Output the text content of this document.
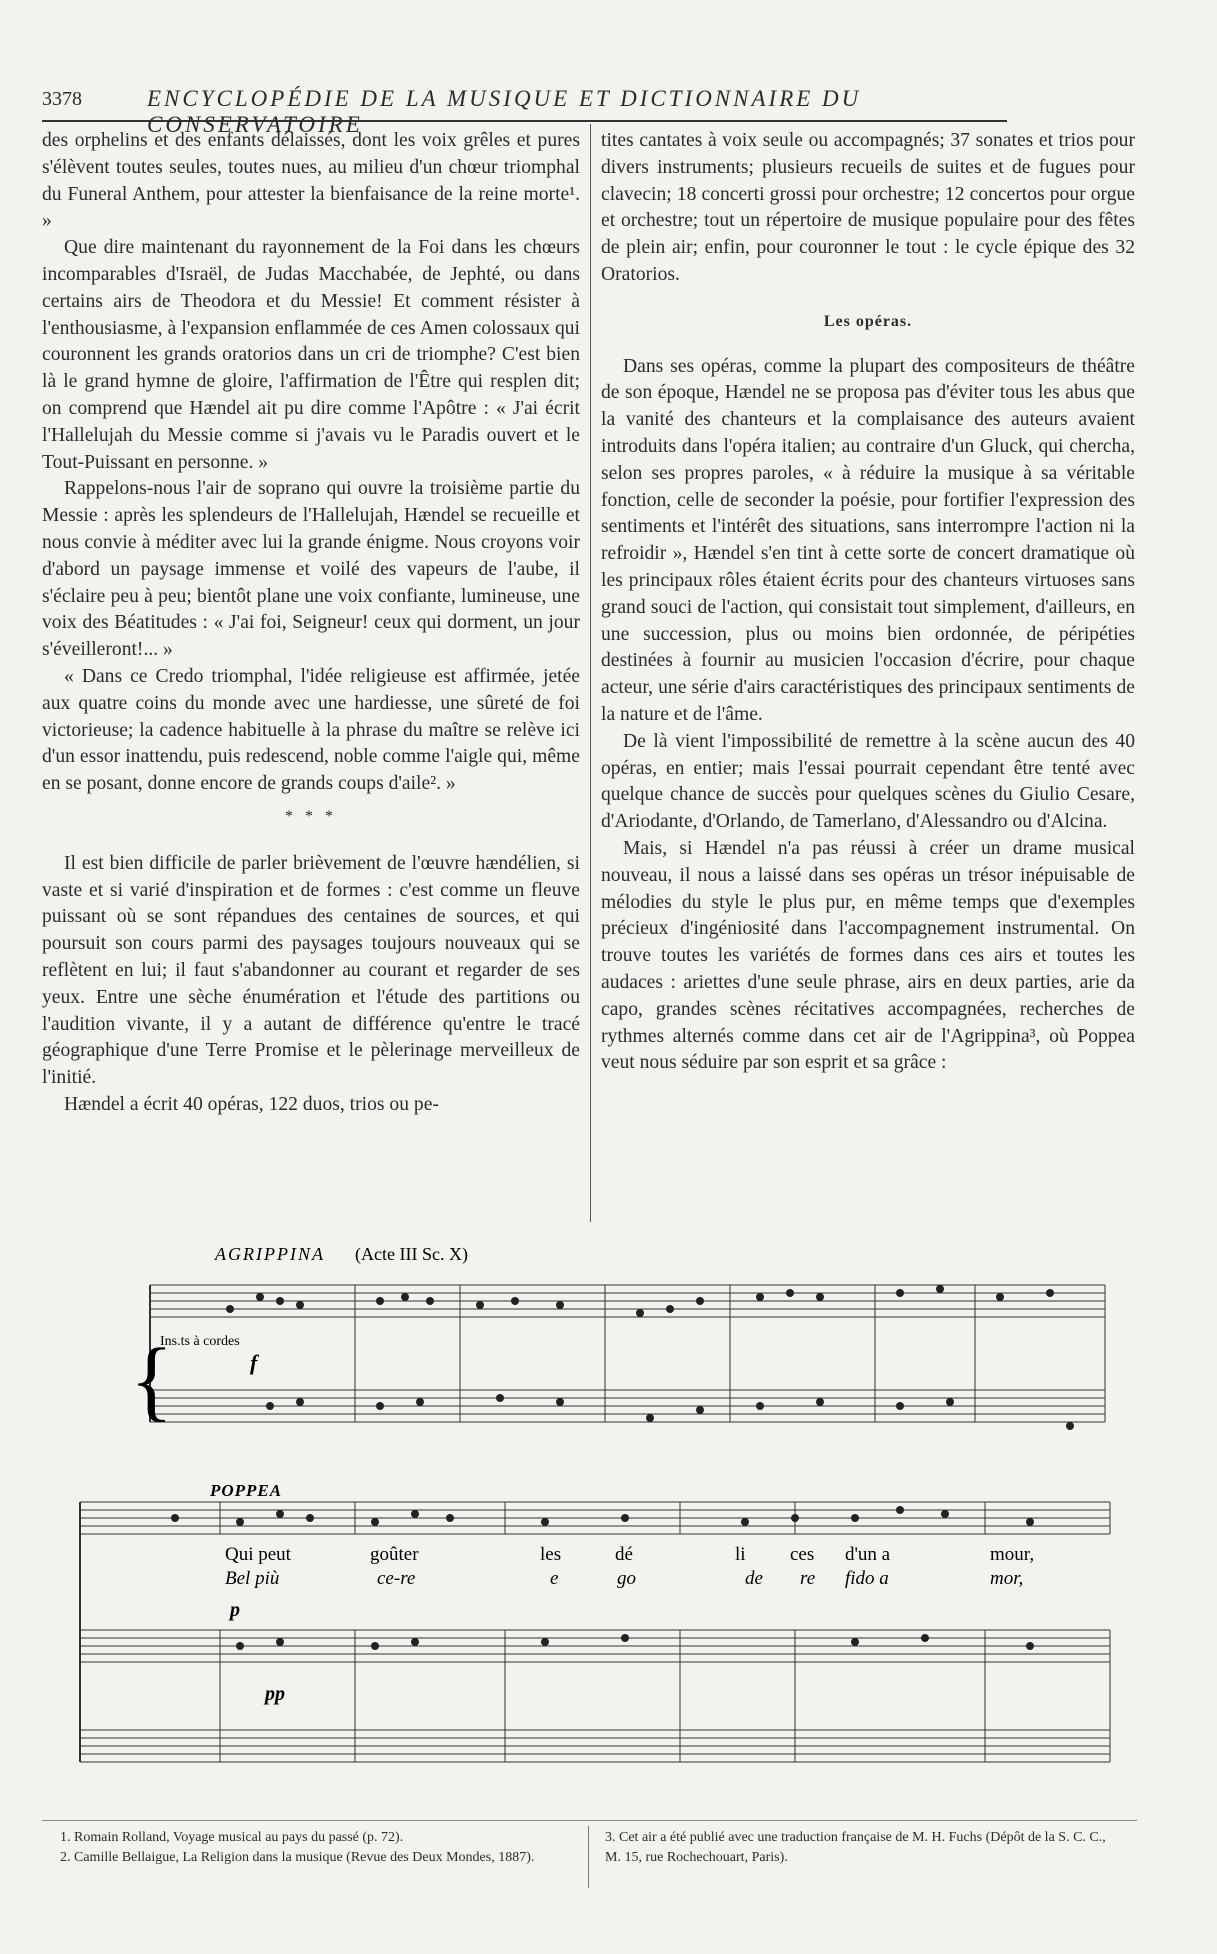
3378	ENCYCLOPÉDIE DE LA MUSIQUE ET DICTIONNAIRE DU CONSERVATOIRE

des orphelins et des enfants délaissés, dont les voix grêles et pures s'élèvent toutes seules, toutes nues, au milieu d'un chœur triomphal du Funeral Anthem, pour attester la bienfaisance de la reine morte¹. »

Que dire maintenant du rayonnement de la Foi dans les chœurs incomparables d'Israël, de Judas Macchabée, de Jephté, ou dans certains airs de Theodora et du Messie! Et comment résister à l'enthousiasme, à l'expansion enflammée de ces Amen colossaux qui couronnent les grands oratorios dans un cri de triomphe? C'est bien là le grand hymne de gloire, l'affirmation de l'Être qui resplen dit; on comprend que Hændel ait pu dire comme l'Apôtre : « J'ai écrit l'Hallelujah du Messie comme si j'avais vu le Paradis ouvert et le Tout-Puissant en personne. »

Rappelons-nous l'air de soprano qui ouvre la troisième partie du Messie : après les splendeurs de l'Hallelujah, Hændel se recueille et nous convie à méditer avec lui la grande énigme. Nous croyons voir d'abord un paysage immense et voilé des vapeurs de l'aube, il s'éclaire peu à peu; bientôt plane une voix confiante, lumineuse, une voix des Béatitudes : « J'ai foi, Seigneur! ceux qui dorment, un jour s'éveilleront!... »

« Dans ce Credo triomphal, l'idée religieuse est affirmée, jetée aux quatre coins du monde avec une hardiesse, une sûreté de foi victorieuse; la cadence habituelle à la phrase du maître se relève ici d'un essor inattendu, puis redescend, noble comme l'aigle qui, même en se posant, donne encore de grands coups d'aile². »

* * *

Il est bien difficile de parler brièvement de l'œuvre hændélien, si vaste et si varié d'inspiration et de formes : c'est comme un fleuve puissant où se sont répandues des centaines de sources, et qui poursuit son cours parmi des paysages toujours nouveaux qui se reflètent en lui; il faut s'abandonner au courant et regarder de ses yeux. Entre une sèche énumération et l'étude des partitions ou l'audition vivante, il y a autant de différence qu'entre le tracé géographique d'une Terre Promise et le pèlerinage merveilleux de l'initié.

Hændel a écrit 40 opéras, 122 duos, trios ou pe-

tites cantates à voix seule ou accompagnés; 37 sonates et trios pour divers instruments; plusieurs recueils de suites et de fugues pour clavecin; 18 concerti grossi pour orchestre; 12 concertos pour orgue et orchestre; tout un répertoire de musique populaire pour des fêtes de plein air; enfin, pour couronner le tout : le cycle épique des 32 Oratorios.

Les opéras.

Dans ses opéras, comme la plupart des compositeurs de théâtre de son époque, Hændel ne se proposa pas d'éviter tous les abus que la vanité des chanteurs et la complaisance des auteurs avaient introduits dans l'opéra italien; au contraire d'un Gluck, qui chercha, selon ses propres paroles, « à réduire la musique à sa véritable fonction, celle de seconder la poésie, pour fortifier l'expression des sentiments et l'intérêt des situations, sans interrompre l'action ni la refroidir », Hændel s'en tint à cette sorte de concert dramatique où les principaux rôles étaient écrits pour des chanteurs virtuoses sans grand souci de l'action, qui consistait tout simplement, d'ailleurs, en une succession, plus ou moins bien ordonnée, de péripéties destinées à fournir au musicien l'occasion d'écrire, pour chaque acteur, une série d'airs caractéristiques des principaux sentiments de la nature et de l'âme.

De là vient l'impossibilité de remettre à la scène aucun des 40 opéras, en entier; mais l'essai pourrait cependant être tenté avec quelque chance de succès pour quelques scènes du Giulio Cesare, d'Ariodante, d'Orlando, de Tamerlano, d'Alessandro ou d'Alcina.

Mais, si Hændel n'a pas réussi à créer un drame musical nouveau, il nous a laissé dans ses opéras un trésor inépuisable de mélodies du style le plus pur, en même temps que d'exemples précieux d'ingéniosité dans l'accompagnement instrumental. On trouve toutes les variétés de formes dans ces airs et toutes les audaces : ariettes d'une seule phrase, airs en deux parties, arie da capo, grandes scènes récitatives accompagnées, recherches de rythmes alternés comme dans cet air de l'Agrippina³, où Poppea veut nous séduire par son esprit et sa grâce :

AGRIPPINA (Acte III Sc. X)
Ins.ts à cordes
f
{
POPPEA
Qui peut	goûter	les	dé	li ces d'un a	mour,
Bel più	ce-re	e	go	de re fido a	mor,
p
pp
1. Romain Rolland, Voyage musical au pays du passé (p. 72).
2. Camille Bellaigue, La Religion dans la musique (Revue des Deux Mondes, 1887).
3. Cet air a été publié avec une traduction française de M. H. Fuchs (Dépôt de la S. C. C., M. 15, rue Rochechouart, Paris).
